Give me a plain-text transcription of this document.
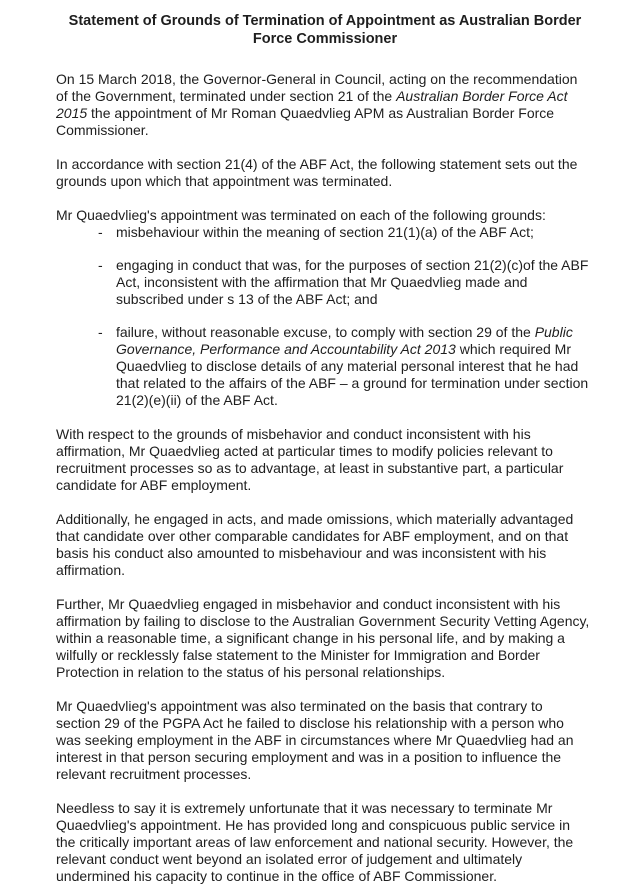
Statement of Grounds of Termination of Appointment as Australian Border Force Commissioner

On 15 March 2018, the Governor-General in Council, acting on the recommendation of the Government, terminated under section 21 of the Australian Border Force Act 2015 the appointment of Mr Roman Quaedvlieg APM as Australian Border Force Commissioner.

In accordance with section 21(4) of the ABF Act, the following statement sets out the grounds upon which that appointment was terminated.

Mr Quaedvlieg's appointment was terminated on each of the following grounds:

- misbehaviour within the meaning of section 21(1)(a) of the ABF Act;
- engaging in conduct that was, for the purposes of section 21(2)(c)of the ABF Act, inconsistent with the affirmation that Mr Quaedvlieg made and subscribed under s 13 of the ABF Act; and
- failure, without reasonable excuse, to comply with section 29 of the Public Governance, Performance and Accountability Act 2013 which required Mr Quaedvlieg to disclose details of any material personal interest that he had that related to the affairs of the ABF – a ground for termination under section 21(2)(e)(ii) of the ABF Act.

With respect to the grounds of misbehavior and conduct inconsistent with his affirmation, Mr Quaedvlieg acted at particular times to modify policies relevant to recruitment processes so as to advantage, at least in substantive part, a particular candidate for ABF employment.

Additionally, he engaged in acts, and made omissions, which materially advantaged that candidate over other comparable candidates for ABF employment, and on that basis his conduct also amounted to misbehaviour and was inconsistent with his affirmation.

Further, Mr Quaedvlieg engaged in misbehavior and conduct inconsistent with his affirmation by failing to disclose to the Australian Government Security Vetting Agency, within a reasonable time, a significant change in his personal life, and by making a wilfully or recklessly false statement to the Minister for Immigration and Border Protection in relation to the status of his personal relationships.

Mr Quaedvlieg's appointment was also terminated on the basis that contrary to section 29 of the PGPA Act he failed to disclose his relationship with a person who was seeking employment in the ABF in circumstances where Mr Quaedvlieg had an interest in that person securing employment and was in a position to influence the relevant recruitment processes.

Needless to say it is extremely unfortunate that it was necessary to terminate Mr Quaedvlieg's appointment. He has provided long and conspicuous public service in the critically important areas of law enforcement and national security. However, the relevant conduct went beyond an isolated error of judgement and ultimately undermined his capacity to continue in the office of ABF Commissioner.
